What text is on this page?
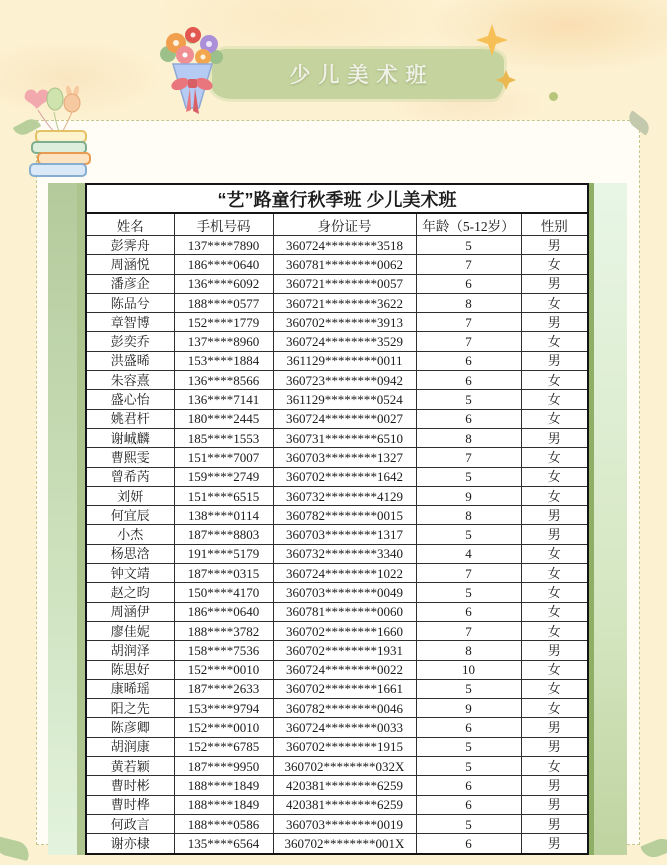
少儿美术班
“艺”路童行秋季班 少儿美术班				
姓名	手机号码	身份证号	年龄（5-12岁）	性别
彭霁舟	137****7890	360724********3518	5	男
周涵悦	186****0640	360781********0062	7	女
潘彦企	136****6092	360721********0057	6	男
陈品兮	188****0577	360721********3622	8	女
章智博	152****1779	360702********3913	7	男
彭奕乔	137****8960	360724********3529	7	女
洪盛晞	153****1884	361129********0011	6	男
朱容熹	136****8566	360723********0942	6	女
盛心怡	136****7141	361129********0524	5	女
姚君杆	180****2445	360724********0027	6	女
谢峸麟	185****1553	360731********6510	8	男
曹熙雯	151****7007	360703********1327	7	女
曾希芮	159****2749	360702********1642	5	女
刘妍	151****6515	360732********4129	9	女
何宜辰	138****0114	360782********0015	8	男
小杰	187****8803	360703********1317	5	男
杨思浛	191****5179	360732********3340	4	女
钟文靖	187****0315	360724********1022	7	女
赵之昀	150****4170	360703********0049	5	女
周涵伊	186****0640	360781********0060	6	女
廖佳妮	188****3782	360702********1660	7	女
胡润泽	158****7536	360702********1931	8	男
陈思好	152****0010	360724********0022	10	女
康晞瑶	187****2633	360702********1661	5	女
阳之先	153****9794	360782********0046	9	女
陈彦卿	152****0010	360724********0033	6	男
胡润康	152****6785	360702********1915	5	男
黄若颖	187****9950	360702********032X	5	女
曹时彬	188****1849	420381********6259	6	男
曹时桦	188****1849	420381********6259	6	男
何政言	188****0586	360703********0019	5	男
谢亦棣	135****6564	360702********001X	6	男
